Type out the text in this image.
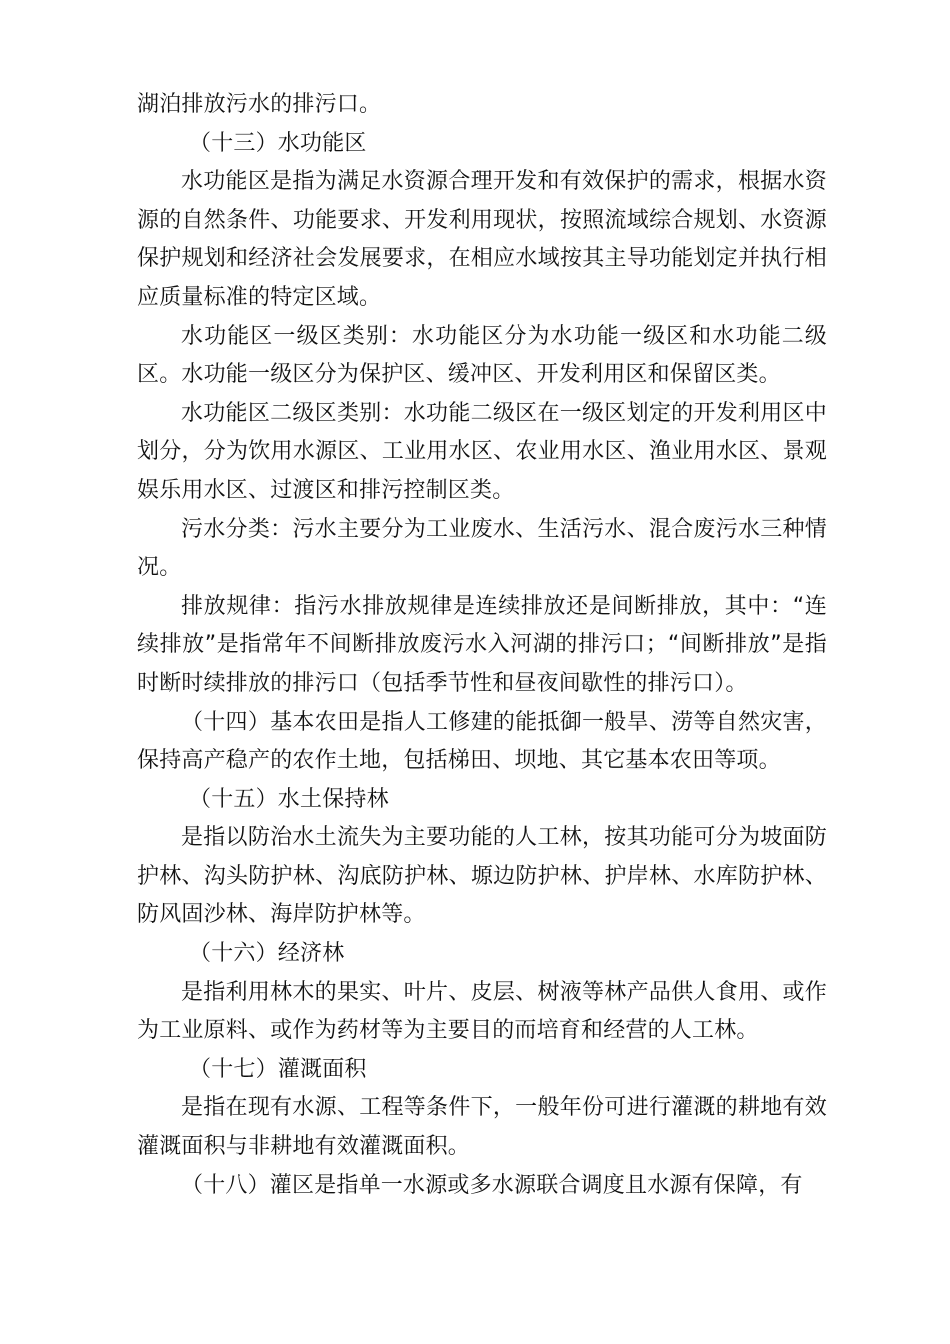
湖泊排放污水的排污口。

（十三）水功能区

水功能区是指为满足水资源合理开发和有效保护的需求，根据水资源的自然条件、功能要求、开发利用现状，按照流域综合规划、水资源保护规划和经济社会发展要求，在相应水域按其主导功能划定并执行相应质量标准的特定区域。

水功能区一级区类别：水功能区分为水功能一级区和水功能二级区。水功能一级区分为保护区、缓冲区、开发利用区和保留区类。

水功能区二级区类别：水功能二级区在一级区划定的开发利用区中划分，分为饮用水源区、工业用水区、农业用水区、渔业用水区、景观娱乐用水区、过渡区和排污控制区类。

污水分类：污水主要分为工业废水、生活污水、混合废污水三种情况。

排放规律：指污水排放规律是连续排放还是间断排放，其中：“连续排放”是指常年不间断排放废污水入河湖的排污口；“间断排放”是指时断时续排放的排污口（包括季节性和昼夜间歇性的排污口）。

（十四）基本农田是指人工修建的能抵御一般旱、涝等自然灾害，保持高产稳产的农作土地，包括梯田、坝地、其它基本农田等项。

（十五）水土保持林

是指以防治水土流失为主要功能的人工林，按其功能可分为坡面防护林、沟头防护林、沟底防护林、塬边防护林、护岸林、水库防护林、防风固沙林、海岸防护林等。

（十六）经济林

是指利用林木的果实、叶片、皮层、树液等林产品供人食用、或作为工业原料、或作为药材等为主要目的而培育和经营的人工林。

（十七）灌溉面积

是指在现有水源、工程等条件下，一般年份可进行灌溉的耕地有效灌溉面积与非耕地有效灌溉面积。

（十八）灌区是指单一水源或多水源联合调度且水源有保障，有
